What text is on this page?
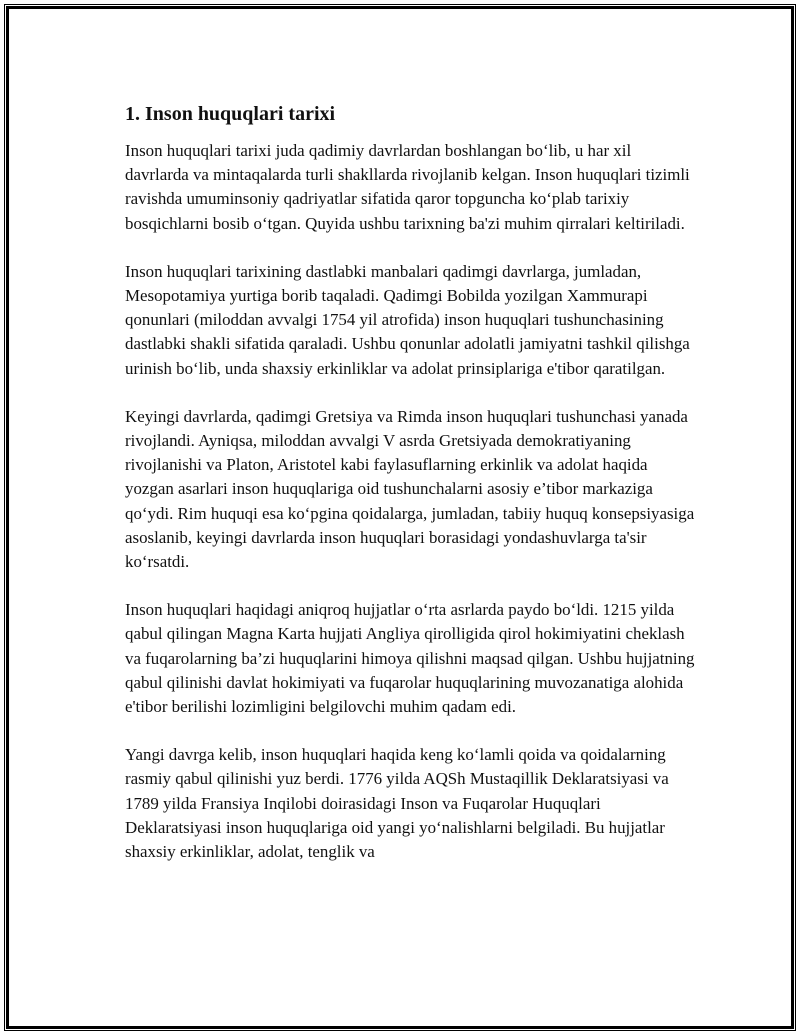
1. Inson huquqlari tarixi

Inson huquqlari tarixi juda qadimiy davrlardan boshlangan bo‘lib, u har xil davrlarda va mintaqalarda turli shakllarda rivojlanib kelgan. Inson huquqlari tizimli ravishda umuminsoniy qadriyatlar sifatida qaror topguncha ko‘plab tarixiy bosqichlarni bosib o‘tgan. Quyida ushbu tarixning ba'zi muhim qirralari keltiriladi.

Inson huquqlari tarixining dastlabki manbalari qadimgi davrlarga, jumladan, Mesopotamiya yurtiga borib taqaladi. Qadimgi Bobilda yozilgan Xammurapi qonunlari (miloddan avvalgi 1754 yil atrofida) inson huquqlari tushunchasining dastlabki shakli sifatida qaraladi. Ushbu qonunlar adolatli jamiyatni tashkil qilishga urinish bo‘lib, unda shaxsiy erkinliklar va adolat prinsiplariga e'tibor qaratilgan.

Keyingi davrlarda, qadimgi Gretsiya va Rimda inson huquqlari tushunchasi yanada rivojlandi. Ayniqsa, miloddan avvalgi V asrda Gretsiyada demokratiyaning rivojlanishi va Platon, Aristotel kabi faylasuflarning erkinlik va adolat haqida yozgan asarlari inson huquqlariga oid tushunchalarni asosiy e’tibor markaziga qo‘ydi. Rim huquqi esa ko‘pgina qoidalarga, jumladan, tabiiy huquq konsepsiyasiga asoslanib, keyingi davrlarda inson huquqlari borasidagi yondashuvlarga ta'sir ko‘rsatdi.

Inson huquqlari haqidagi aniqroq hujjatlar o‘rta asrlarda paydo bo‘ldi. 1215 yilda qabul qilingan Magna Karta hujjati Angliya qirolligida qirol hokimiyatini cheklash va fuqarolarning ba’zi huquqlarini himoya qilishni maqsad qilgan. Ushbu hujjatning qabul qilinishi davlat hokimiyati va fuqarolar huquqlarining muvozanatiga alohida e'tibor berilishi lozimligini belgilovchi muhim qadam edi.

Yangi davrga kelib, inson huquqlari haqida keng ko‘lamli qoida va qoidalarning rasmiy qabul qilinishi yuz berdi. 1776 yilda AQSh Mustaqillik Deklaratsiyasi va 1789 yilda Fransiya Inqilobi doirasidagi Inson va Fuqarolar Huquqlari Deklaratsiyasi inson huquqlariga oid yangi yo‘nalishlarni belgiladi. Bu hujjatlar shaxsiy erkinliklar, adolat, tenglik va
